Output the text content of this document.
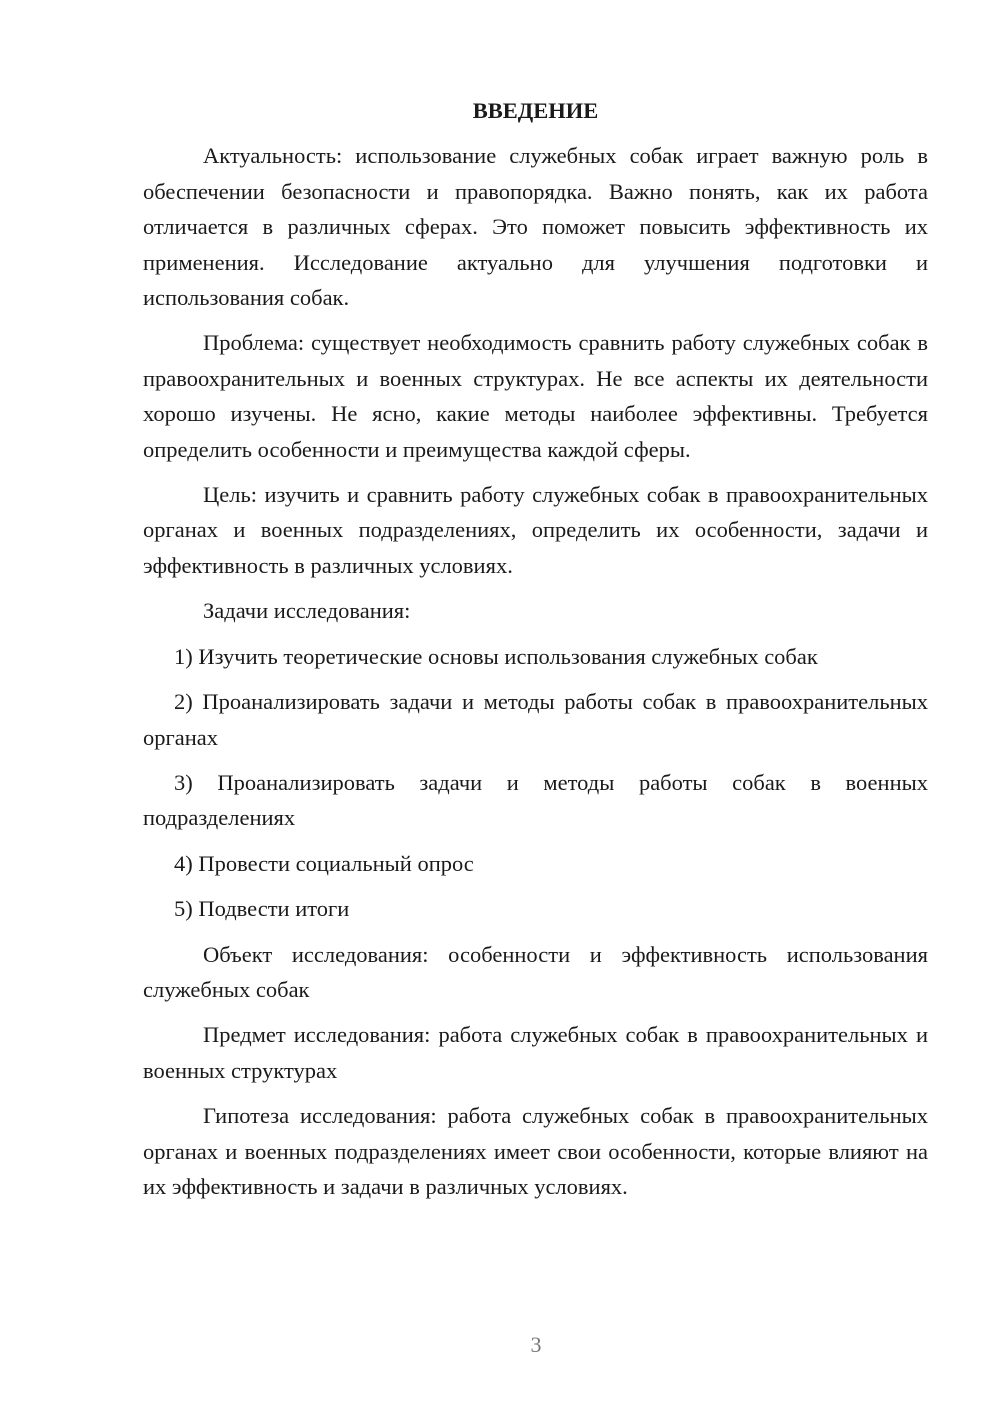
ВВЕДЕНИЕ
Актуальность: использование служебных собак играет важную роль в обеспечении безопасности и правопорядка. Важно понять, как их работа отличается в различных сферах. Это поможет повысить эффективность их применения. Исследование актуально для улучшения подготовки и использования собак.
Проблема: существует необходимость сравнить работу служебных собак в правоохранительных и военных структурах. Не все аспекты их деятельности хорошо изучены. Не ясно, какие методы наиболее эффективны. Требуется определить особенности и преимущества каждой сферы.
Цель: изучить и сравнить работу служебных собак в правоохранительных органах и военных подразделениях, определить их особенности, задачи и эффективность в различных условиях.
Задачи исследования:
1) Изучить теоретические основы использования служебных собак
2) Проанализировать задачи и методы работы собак в правоохранительных органах
3) Проанализировать задачи и методы работы собак в военных подразделениях
4) Провести социальный опрос
5) Подвести итоги
Объект исследования: особенности и эффективность использования служебных собак
Предмет исследования: работа служебных собак в правоохранительных и военных структурах
Гипотеза исследования: работа служебных собак в правоохранительных органах и военных подразделениях имеет свои особенности, которые влияют на их эффективность и задачи в различных условиях.
3
